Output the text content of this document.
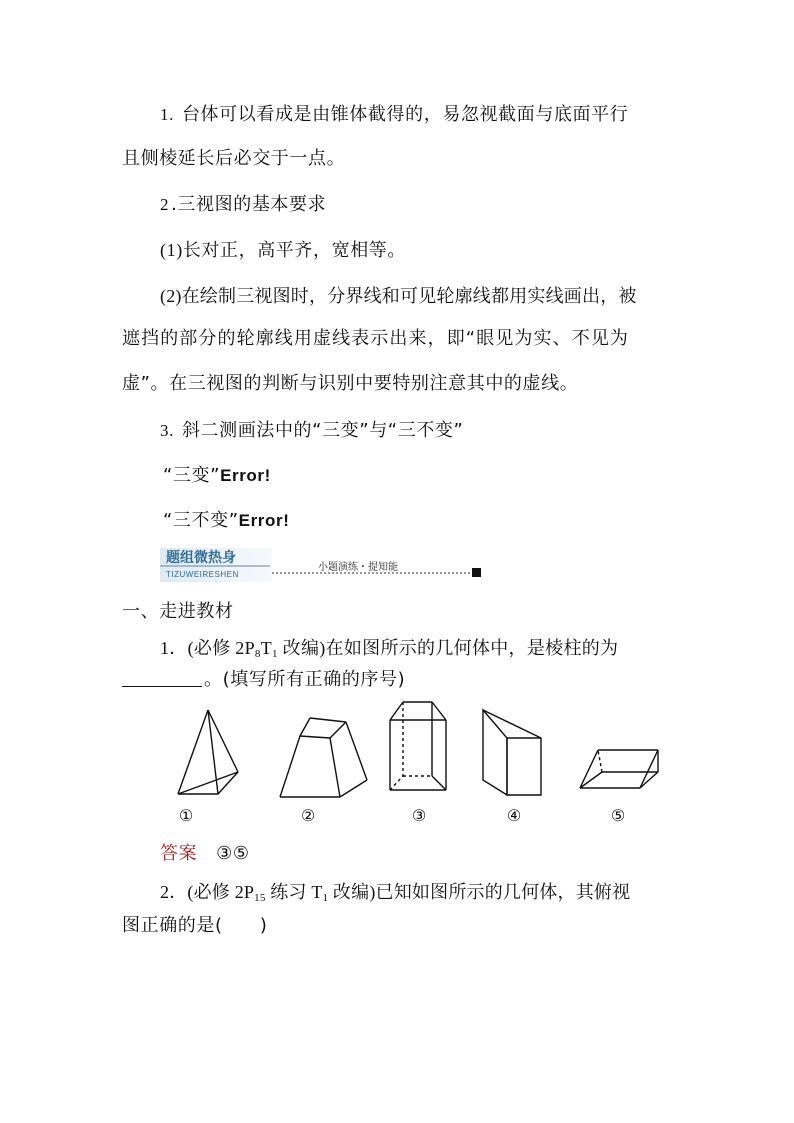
1. 台体可以看成是由锥体截得的，易忽视截面与底面平行
且侧棱延长后必交于一点。
2 .三视图的基本要求
(1)长对正，高平齐，宽相等。
(2)在绘制三视图时，分界线和可见轮廓线都用实线画出，被
遮挡的部分的轮廓线用虚线表示出来，即“眼见为实、不见为
虚”。在三视图的判断与识别中要特别注意其中的虚线。
3. 斜二测画法中的“三变”与“三不变”
“三变”Error!
“三不变”Error!
题组微热身
TIZUWEIRESHEN
小题演练・提知能
一、走进教材
1．(必修 $2P_8T_1$ 改编)在如图所示的几何体中，是棱柱的为
。(填写所有正确的序号)
①	②	③	④	⑤
答案 ③⑤
2．(必修 $2P_{15}$ 练习 $T_1$ 改编)已知如图所示的几何体，其俯视
图正确的是(　　)
